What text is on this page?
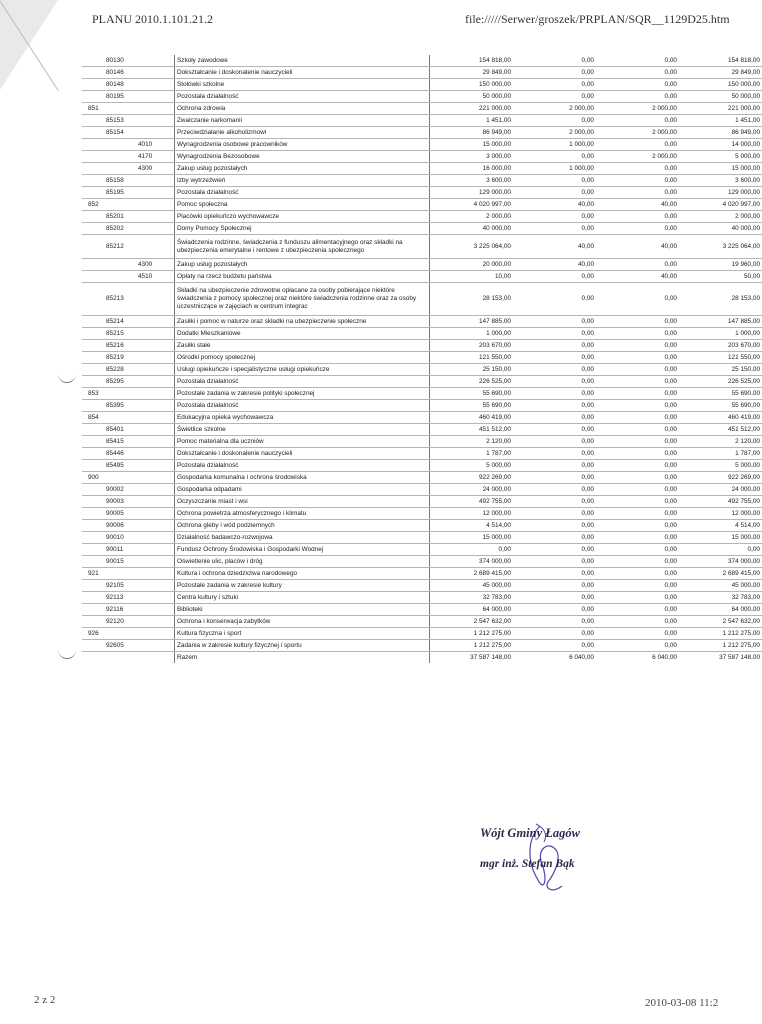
PLANU 2010.1.101.21.2	file://///Serwer/groszek/PRPLAN/SQR__1129D25.htm
80130	Szkoły zawodowe	154 818,00	0,00	0,00	154 818,00
80146	Dokształcanie i doskonalenie nauczycieli	29 849,00	0,00	0,00	29 849,00
80148	Stołówki szkolne	150 000,00	0,00	0,00	150 000,00
80195	Pozostała działalność	50 000,00	0,00	0,00	50 000,00
851	Ochrona zdrowia	221 000,00	2 000,00	2 000,00	221 000,00
85153	Zwalczanie narkomanii	1 451,00	0,00	0,00	1 451,00
85154	Przeciwdziałanie alkoholizmowi	86 949,00	2 000,00	2 000,00	86 949,00
4010	Wynagrodzenia osobowe pracowników	15 000,00	1 000,00	0,00	14 000,00
4170	Wynagrodzenia Bezosobowe	3 000,00	0,00	2 000,00	5 000,00
4300	Zakup usług pozostałych	16 000,00	1 000,00	0,00	15 000,00
85158	Izby wytrzeźwień	3 600,00	0,00	0,00	3 600,00
85195	Pozostała działalność	129 000,00	0,00	0,00	129 000,00
852	Pomoc społeczna	4 020 997,00	40,00	40,00	4 020 997,00
85201	Placówki opiekuńczo wychowawcze	2 000,00	0,00	0,00	2 000,00
85202	Domy Pomocy Społecznej	40 000,00	0,00	0,00	40 000,00
85212	Świadczenia rodzinne, świadczenia z funduszu alimentacyjnego oraz składki na ubezpieczenia emerytalne i rentowe z ubezpieczenia społecznego	3 225 064,00	40,00	40,00	3 225 064,00
4300	Zakup usług pozostałych	20 000,00	40,00	0,00	19 960,00
4510	Opłaty na rzecz budżetu państwa	10,00	0,00	40,00	50,00
85213	Składki na ubezpieczenie zdrowotne opłacane za osoby pobierające niektóre świadczenia z pomocy społecznej oraz niektóre świadczenia rodzinne oraz za osoby uczestniczące w zajęciach w centrum integrac	28 153,00	0,00	0,00	28 153,00
85214	Zasiłki i pomoc w naturze oraz składki na ubezpieczenie społeczne	147 885,00	0,00	0,00	147 885,00
85215	Dodatki Mieszkaniowe	1 000,00	0,00	0,00	1 000,00
85216	Zasiłki stałe	203 670,00	0,00	0,00	203 670,00
85219	Ośrodki pomocy społecznej	121 550,00	0,00	0,00	121 550,00
85228	Usługi opiekuńcze i specjalistyczne usługi opiekuńcze	25 150,00	0,00	0,00	25 150,00
85295	Pozostała działalność	226 525,00	0,00	0,00	226 525,00
853	Pozostałe zadania w zakresie polityki społecznej	55 690,00	0,00	0,00	55 690,00
85395	Pozostała działalność	55 690,00	0,00	0,00	55 690,00
854	Edukacyjna opieka wychowawcza	460 419,00	0,00	0,00	460 419,00
85401	Świetlice szkolne	451 512,00	0,00	0,00	451 512,00
85415	Pomoc materialna dla uczniów	2 120,00	0,00	0,00	2 120,00
85446	Dokształcanie i doskonalenie nauczycieli	1 787,00	0,00	0,00	1 787,00
85495	Pozostała działalność	5 000,00	0,00	0,00	5 000,00
900	Gospodarka komunalna i ochrona środowiska	922 269,00	0,00	0,00	922 269,00
90002	Gospodarka odpadami	24 000,00	0,00	0,00	24 000,00
90003	Oczyszczanie miast i wsi	492 755,00	0,00	0,00	492 755,00
90005	Ochrona powietrza atmosferycznego i klimatu	12 000,00	0,00	0,00	12 000,00
90006	Ochrona gleby i wód podziemnych	4 514,00	0,00	0,00	4 514,00
90010	Działalność badawczo-rozwojowa	15 000,00	0,00	0,00	15 000,00
90011	Fundusz Ochrony Środowiska i Gospodarki Wodnej	0,00	0,00	0,00	0,00
90015	Oświetlenie ulic, placów i dróg	374 000,00	0,00	0,00	374 000,00
921	Kultura i ochrona dziedzictwa narodowego	2 689 415,00	0,00	0,00	2 689 415,00
92105	Pozostałe zadania w zakresie kultury	45 000,00	0,00	0,00	45 000,00
92113	Centra kultury i sztuki	32 783,00	0,00	0,00	32 783,00
92116	Biblioteki	64 000,00	0,00	0,00	64 000,00
92120	Ochrona i konserwacja zabytków	2 547 632,00	0,00	0,00	2 547 632,00
926	Kultura fizyczna i sport	1 212 275,00	0,00	0,00	1 212 275,00
92605	Zadania w zakresie kultury fizycznej i sportu	1 212 275,00	0,00	0,00	1 212 275,00
	Razem	37 587 148,00	6 040,00	6 040,00	37 587 148,00
Wójt Gminy Łagów
mgr inż. Stefan Bąk
2 z 2	2010-03-08 11:2
